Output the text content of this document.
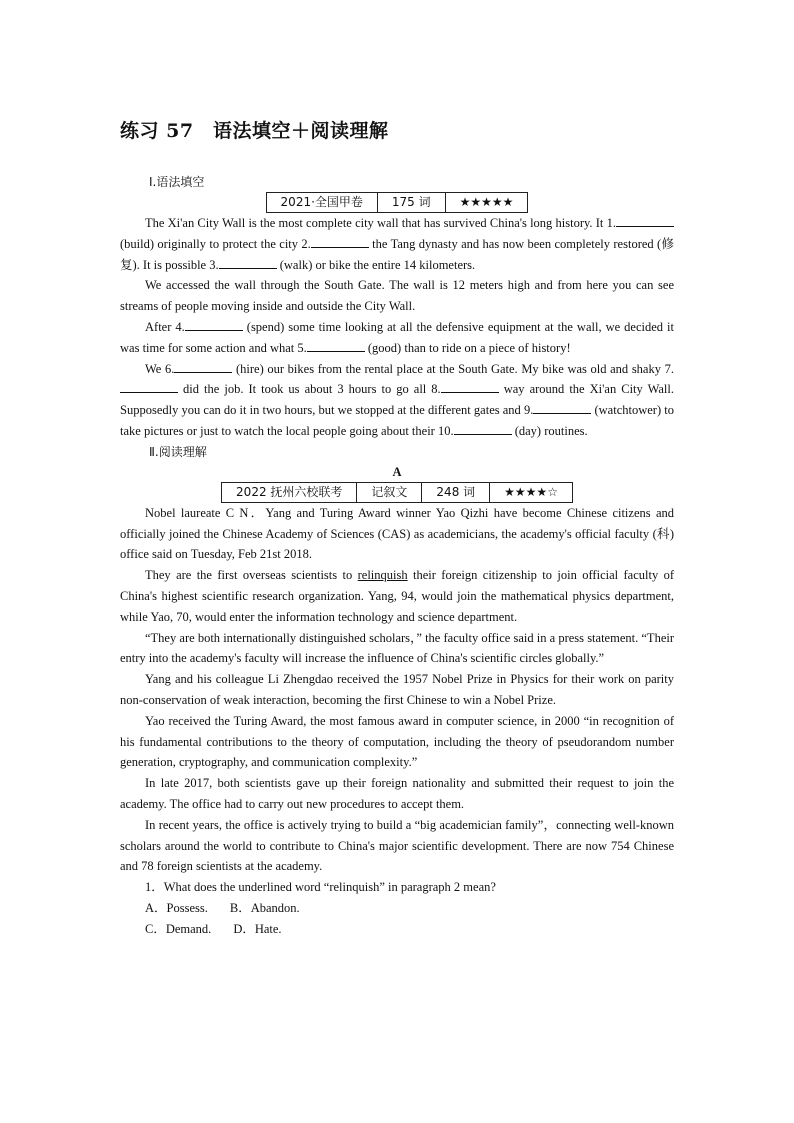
练习 57　语法填空＋阅读理解
Ⅰ.语法填空
2021·全国甲卷	175 词	★★★★★

The Xi'an City Wall is the most complete city wall that has survived China's long history. It 1. (build) originally to protect the city 2.	the Tang dynasty and has now been completely restored (修复). It is possible 3.	(walk) or bike the entire 14 kilometers.

We accessed the wall through the South Gate. The wall is 12 meters high and from here you can see streams of people moving inside and outside the City Wall.

After 4.	(spend) some time looking at all the defensive equipment at the wall, we decided it was time for some action and what 5.	(good) than to ride on a piece of history!

We 6.	(hire) our bikes from the rental place at the South Gate. My bike was old and shaky 7. did the job. It took us about 3 hours to go all 8.	way around the Xi'an City Wall. Supposedly you can do it in two hours, but we stopped at the different gates and 9.	(watchtower) to take pictures or just to watch the local people going about their 10.	(day) routines.

Ⅱ.阅读理解
A
2022 抚州六校联考	记叙文	248 词	★★★★☆

Nobel laureate C N．Yang and Turing Award winner Yao Qizhi have become Chinese citizens and officially joined the Chinese Academy of Sciences (CAS) as academicians, the academy's official faculty (科) office said on Tuesday, Feb 21st 2018.

They are the first overseas scientists to relinquish their foreign citizenship to join official faculty of China's highest scientific research organization. Yang, 94, would join the mathematical physics department, while Yao, 70, would enter the information technology and science department.

“They are both internationally distinguished scholars，” the faculty office said in a press statement. “Their entry into the academy's faculty will increase the influence of China's scientific circles globally.”

Yang and his colleague Li Zhengdao received the 1957 Nobel Prize in Physics for their work on parity non-conservation of weak interaction, becoming the first Chinese to win a Nobel Prize.

Yao received the Turing Award, the most famous award in computer science, in 2000 “in recognition of his fundamental contributions to the theory of computation, including the theory of pseudorandom number generation, cryptography, and communication complexity.”

In late 2017, both scientists gave up their foreign nationality and submitted their request to join the academy. The office had to carry out new procedures to accept them.

In recent years, the office is actively trying to build a “big academician family”，connecting well-known scholars around the world to contribute to China's major scientific development. There are now 754 Chinese and 78 foreign scientists at the academy.

1．What does the underlined word “relinquish” in paragraph 2 mean?

A．Possess. B．Abandon.
C．Demand. D．Hate.
